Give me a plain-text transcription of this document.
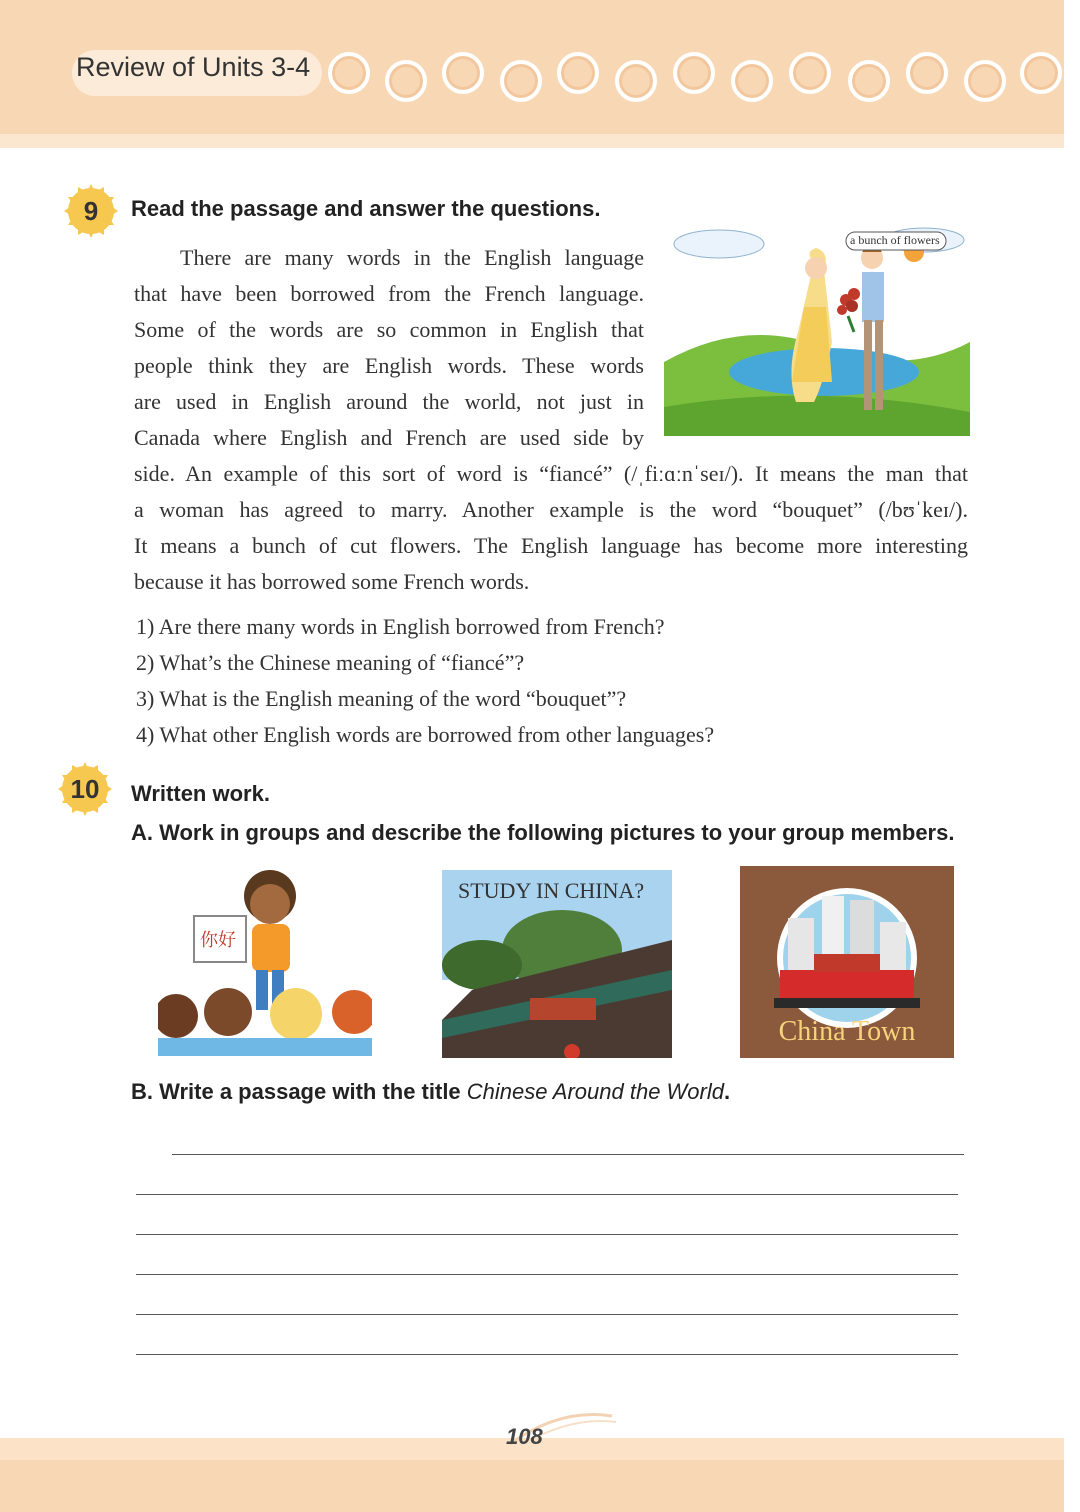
Review of Units 3-4
9 Read the passage and answer the questions.
a bunch of flowers
There are many words in the English language
that have been borrowed from the French language.
Some of the words are so common in English that
people think they are English words. These words
are used in English around the world, not just in
Canada where English and French are used side by
side. An example of this sort of word is “fiancé” (/ˌfiːɑːnˈseɪ/). It means the man that
a woman has agreed to marry. Another example is the word “bouquet” (/bʊˈkeɪ/).
It means a bunch of cut flowers. The English language has become more interesting
because it has borrowed some French words.
1) Are there many words in English borrowed from French?
2) What’s the Chinese meaning of “fiancé”?
3) What is the English meaning of the word “bouquet”?
4) What other English words are borrowed from other languages?
10 Written work.
A. Work in groups and describe the following pictures to your group members.
你好
STUDY IN CHINA?
China Town
B. Write a passage with the title Chinese Around the World.
108
